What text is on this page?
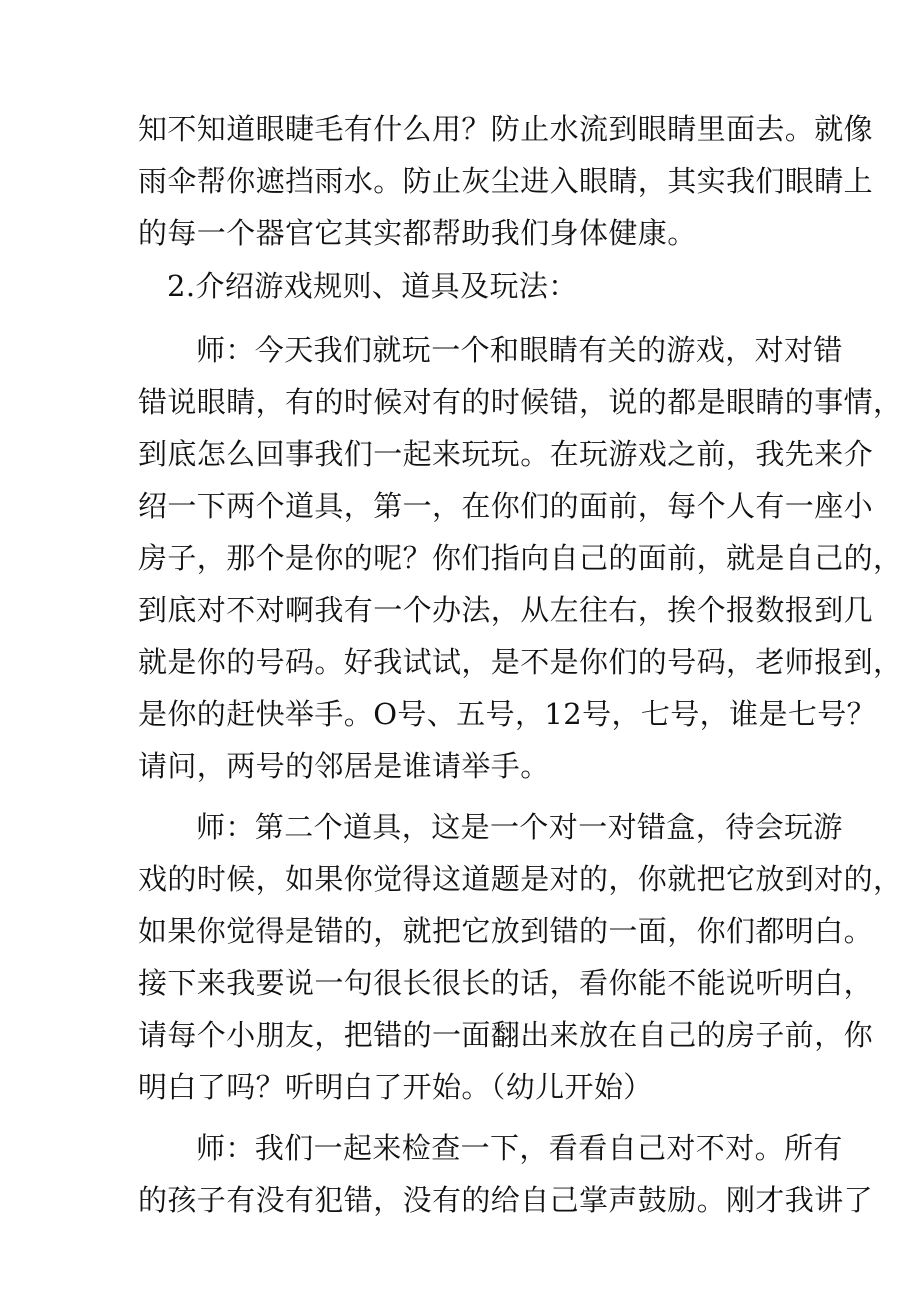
知不知道眼睫毛有什么用？防止水流到眼睛里面去。就像
雨伞帮你遮挡雨水。防止灰尘进入眼睛，其实我们眼睛上
的每一个器官它其实都帮助我们身体健康。
2.介绍游戏规则、道具及玩法：
师：今天我们就玩一个和眼睛有关的游戏，对对错
错说眼睛，有的时候对有的时候错，说的都是眼睛的事情，
到底怎么回事我们一起来玩玩。在玩游戏之前，我先来介
绍一下两个道具，第一，在你们的面前，每个人有一座小
房子，那个是你的呢？你们指向自己的面前，就是自己的，
到底对不对啊我有一个办法，从左往右，挨个报数报到几
就是你的号码。好我试试，是不是你们的号码，老师报到，
是你的赶快举手。O号、五号，12号，七号，谁是七号？
请问，两号的邻居是谁请举手。
师：第二个道具，这是一个对一对错盒，待会玩游
戏的时候，如果你觉得这道题是对的，你就把它放到对的，
如果你觉得是错的，就把它放到错的一面，你们都明白。
接下来我要说一句很长很长的话，看你能不能说听明白，
请每个小朋友，把错的一面翻出来放在自己的房子前，你
明白了吗？听明白了开始。（幼儿开始）
师：我们一起来检查一下，看看自己对不对。所有
的孩子有没有犯错，没有的给自己掌声鼓励。刚才我讲了
